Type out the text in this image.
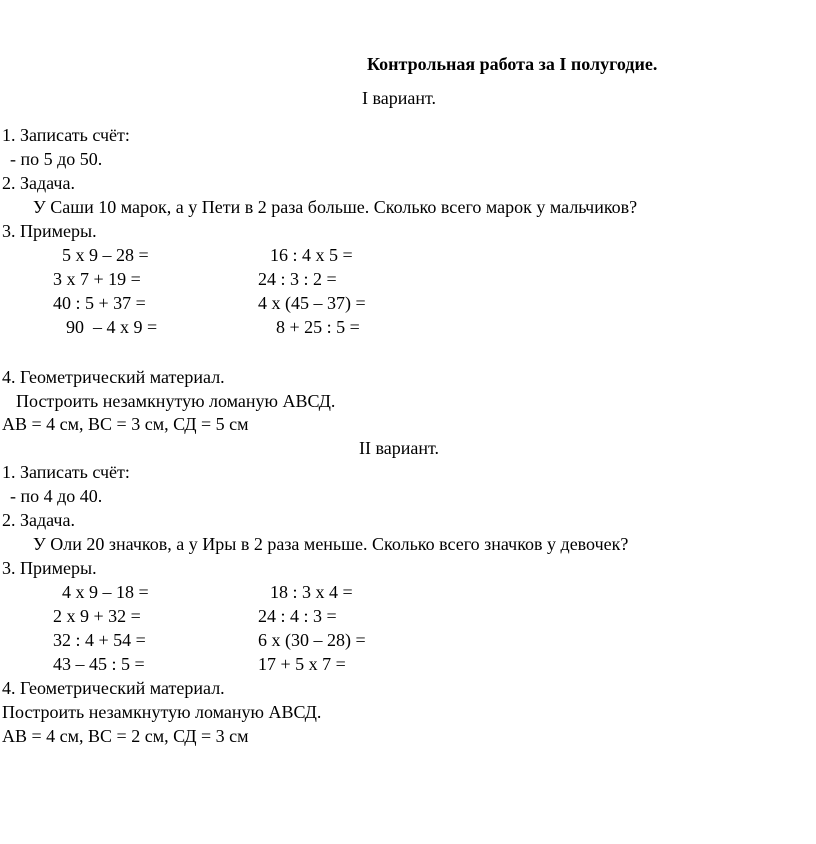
Контрольная работа за I полугодие.
I вариант.
1. Записать счёт:
- по 5 до 50.
2. Задача.
У Саши 10 марок, а у Пети в 2 раза больше. Сколько всего марок у мальчиков?
3. Примеры.
5 х 9 – 28 =	16 : 4 х 5 =
3 х 7 + 19 =	24 : 3 : 2 =
40 : 5 + 37 =	4 х (45 – 37) =
90  – 4 х 9 =	8 + 25 : 5 =
4. Геометрический материал.
Построить незамкнутую ломаную АВСД.
АВ = 4 см, ВС = 3 см, СД = 5 см
II вариант.
1. Записать счёт:
- по 4 до 40.
2. Задача.
У Оли 20 значков, а у Иры в 2 раза меньше. Сколько всего значков у девочек?
3. Примеры.
4 х 9 – 18 =	18 : 3 х 4 =
2 х 9 + 32 =	24 : 4 : 3 =
32 : 4 + 54 =	6 х (30 – 28) =
43 – 45 : 5 =	17 + 5 х 7 =
4. Геометрический материал.
Построить незамкнутую ломаную АВСД.
АВ = 4 см, ВС = 2 см, СД = 3 см
